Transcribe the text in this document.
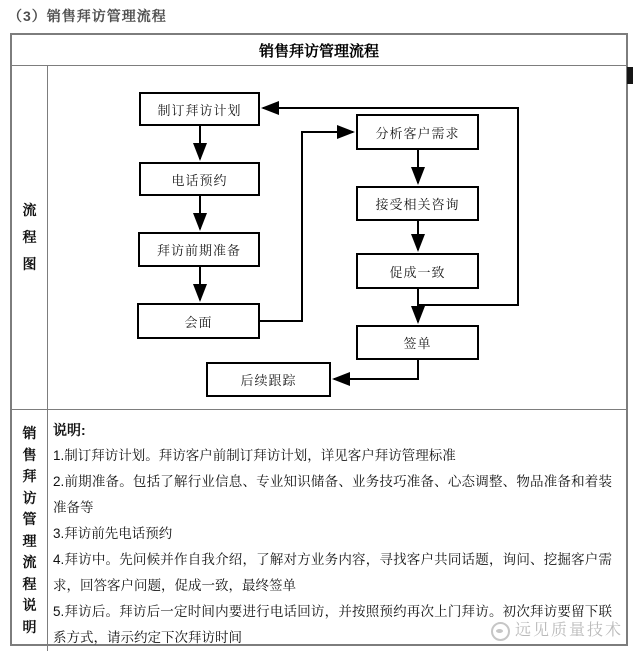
（3）销售拜访管理流程
销售拜访管理流程
流程图
制订拜访计划
电话预约
拜访前期准备
会面
分析客户需求
接受相关咨询
促成一致
签单
后续跟踪
销售拜访管理流程说明
说明:
1.制订拜访计划。拜访客户前制订拜访计划，详见客户拜访管理标准
2.前期准备。包括了解行业信息、专业知识储备、业务技巧准备、心态调整、物品准备和着装准备等
3.拜访前先电话预约
4.拜访中。先问候并作自我介绍，了解对方业务内容，寻找客户共同话题，询问、挖掘客户需求，回答客户问题，促成一致，最终签单
5.拜访后。拜访后一定时间内要进行电话回访，并按照预约再次上门拜访。初次拜访要留下联系方式，请示约定下次拜访时间	远见质量技术
